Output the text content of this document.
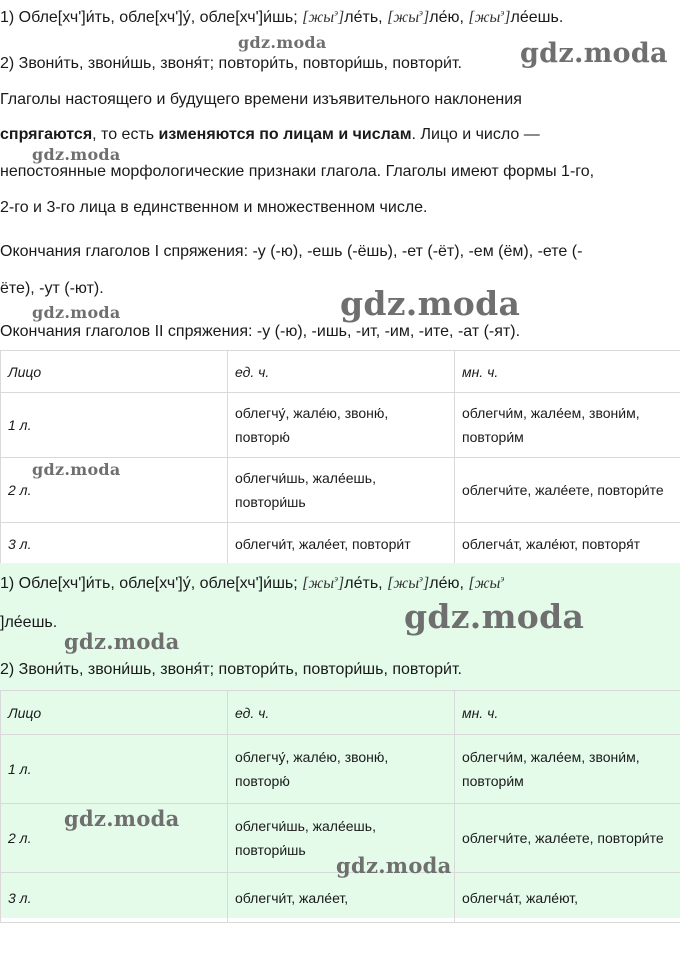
1) Обле[хч']и́ть, обле[хч']у́, обле[хч']и́шь; $[жы^э]ле́ть$, $[жы^э]ле́ю$, $[жы^э]ле́ешь$.
2) Звони́ть, звони́шь, звоня́т; повтори́ть, повтори́шь, повтори́т.
Глаголы настоящего и будущего времени изъявительного наклонения
спрягаются, то есть изменяются по лицам и числам. Лицо и число —
непостоянные морфологические признаки глагола. Глаголы имеют формы 1-го,
2-го и 3-го лица в единственном и множественном числе.
Окончания глаголов I спряжения: -у (-ю), -ешь (-ёшь), -ет (-ёт), -ем (ём), -ете (-
ёте), -ут (-ют).
Окончания глаголов II спряжения: -у (-ю), -ишь, -ит, -им, -ите, -ат (-ят).
Лицо	ед. ч.	мн. ч.
1 л.	облегчу́, жале́ю, звоню́, повторю́	облегчи́м, жале́ем, звони́м, повтори́м
2 л.	облегчи́шь, жале́ешь, повтори́шь	облегчи́те, жале́ете, повтори́те
3 л.	облегчи́т, жале́ет, повтори́т	облегча́т, жале́ют, повторя́т
1) Обле[хч']и́ть, обле[хч']у́, обле[хч']и́шь; $[жы^э]ле́ть$, $[жы^э]ле́ю$, [$жы^э$
]ле́ешь.
2) Звони́ть, звони́шь, звоня́т; повтори́ть, повтори́шь, повтори́т.
Лицо	ед. ч.	мн. ч.
1 л.	облегчу́, жале́ю, звоню́, повторю́	облегчи́м, жале́ем, звони́м, повтори́м
2 л.	облегчи́шь, жале́ешь, повтори́шь	облегчи́те, жале́ете, повтори́те
3 л.	облегчи́т, жале́ет,	облегча́т, жале́ют,
gdz.moda	gdz.moda
gdz.moda
gdz.moda
gdz.moda
gdz.moda
gdz.moda
gdz.moda
gdz.moda
gdz.moda
